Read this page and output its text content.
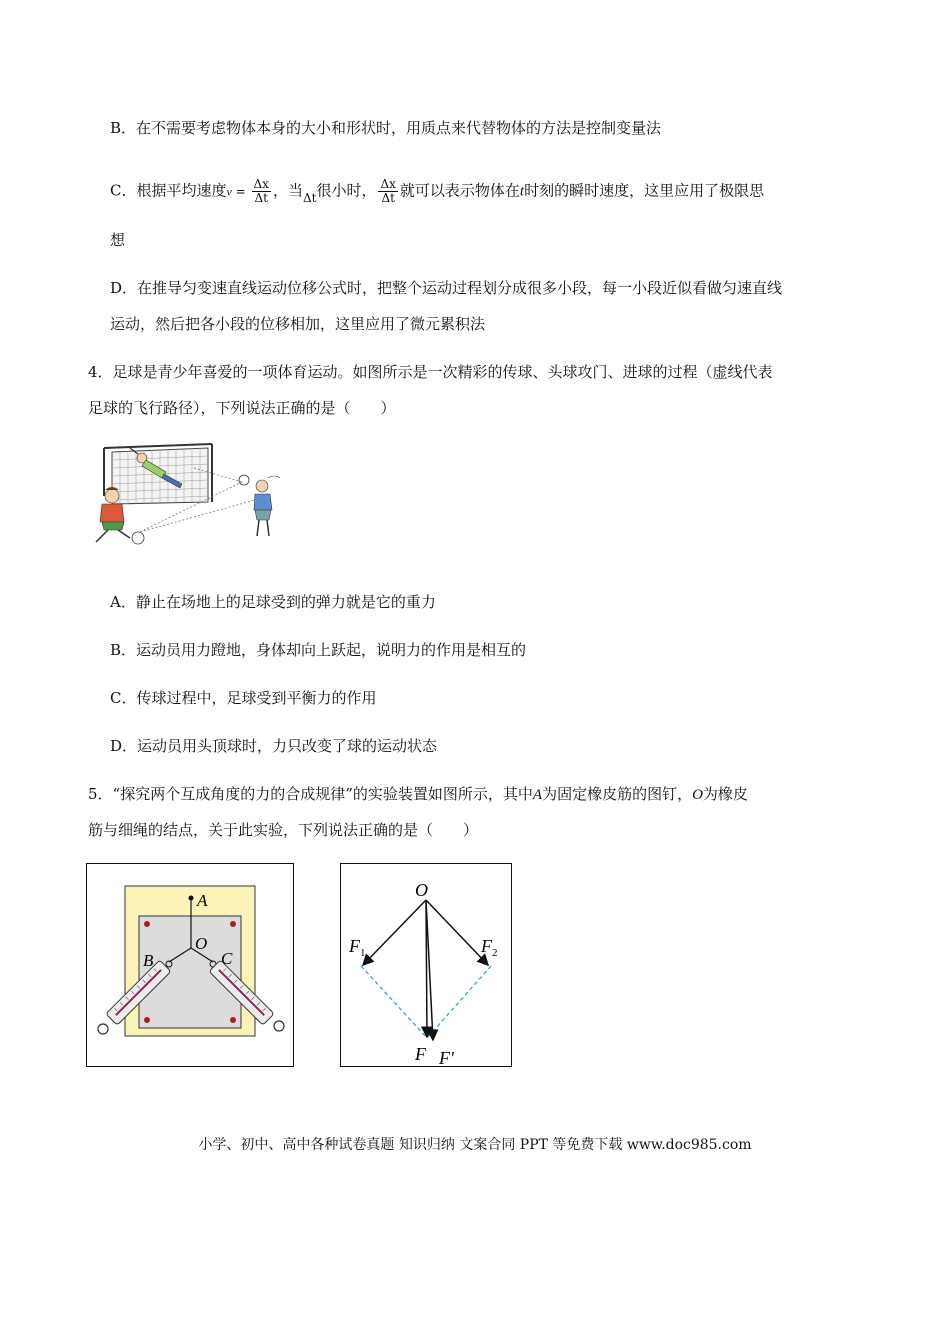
B．在不需要考虑物体本身的大小和形状时，用质点来代替物体的方法是控制变量法
C．根据平均速度$v = \frac{\Delta x}{\Delta t}$ ，当$_{\Delta t}$很小时， $\frac{\Delta x}{\Delta t}$ 就可以表示物体在t时刻的瞬时速度，这里应用了极限思
想
D．在推导匀变速直线运动位移公式时，把整个运动过程划分成很多小段，每一小段近似看做匀速直线
运动，然后把各小段的位移相加，这里应用了微元累积法
4．足球是青少年喜爱的一项体育运动。如图所示是一次精彩的传球、头球攻门、进球的过程（虚线代表
足球的飞行路径），下列说法正确的是（　　）
A．静止在场地上的足球受到的弹力就是它的重力
B．运动员用力蹬地，身体却向上跃起，说明力的作用是相互的
C．传球过程中，足球受到平衡力的作用
D．运动员用头顶球时，力只改变了球的运动状态
5．“探究两个互成角度的力的合成规律”的实验装置如图所示，其中A为固定橡皮筋的图钉，O为橡皮
筋与细绳的结点，关于此实验，下列说法正确的是（　　）
A
O
B	C
O
$F_1$	$F_2$
F F′
小学、初中、高中各种试卷真题 知识归纳 文案合同 PPT 等免费下载 www.doc985.com
